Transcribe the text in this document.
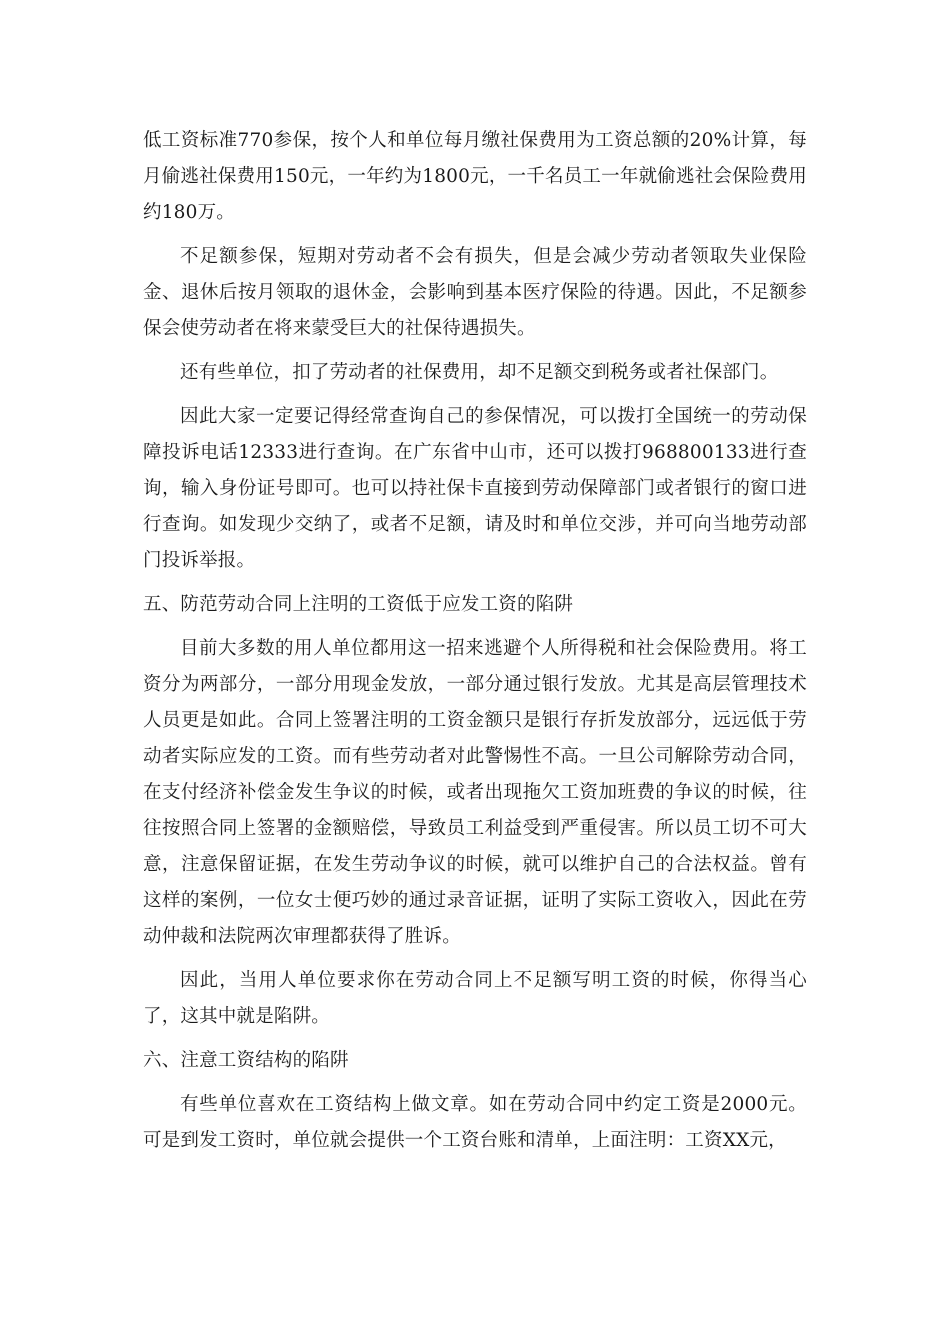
低工资标准770参保，按个人和单位每月缴社保费用为工资总额的20%计算，每月偷逃社保费用150元，一年约为1800元，一千名员工一年就偷逃社会保险费用约180万。

不足额参保，短期对劳动者不会有损失，但是会减少劳动者领取失业保险金、退休后按月领取的退休金，会影响到基本医疗保险的待遇。因此，不足额参保会使劳动者在将来蒙受巨大的社保待遇损失。

还有些单位，扣了劳动者的社保费用，却不足额交到税务或者社保部门。

因此大家一定要记得经常查询自己的参保情况，可以拨打全国统一的劳动保障投诉电话12333进行查询。在广东省中山市，还可以拨打968800133进行查询，输入身份证号即可。也可以持社保卡直接到劳动保障部门或者银行的窗口进行查询。如发现少交纳了，或者不足额，请及时和单位交涉，并可向当地劳动部门投诉举报。

五、防范劳动合同上注明的工资低于应发工资的陷阱

目前大多数的用人单位都用这一招来逃避个人所得税和社会保险费用。将工资分为两部分，一部分用现金发放，一部分通过银行发放。尤其是高层管理技术人员更是如此。合同上签署注明的工资金额只是银行存折发放部分，远远低于劳动者实际应发的工资。而有些劳动者对此警惕性不高。一旦公司解除劳动合同，在支付经济补偿金发生争议的时候，或者出现拖欠工资加班费的争议的时候，往往按照合同上签署的金额赔偿，导致员工利益受到严重侵害。所以员工切不可大意，注意保留证据，在发生劳动争议的时候，就可以维护自己的合法权益。曾有这样的案例，一位女士便巧妙的通过录音证据，证明了实际工资收入，因此在劳动仲裁和法院两次审理都获得了胜诉。

因此，当用人单位要求你在劳动合同上不足额写明工资的时候，你得当心了，这其中就是陷阱。

六、注意工资结构的陷阱

有些单位喜欢在工资结构上做文章。如在劳动合同中约定工资是2000元。可是到发工资时，单位就会提供一个工资台账和清单，上面注明：工资XX元，
